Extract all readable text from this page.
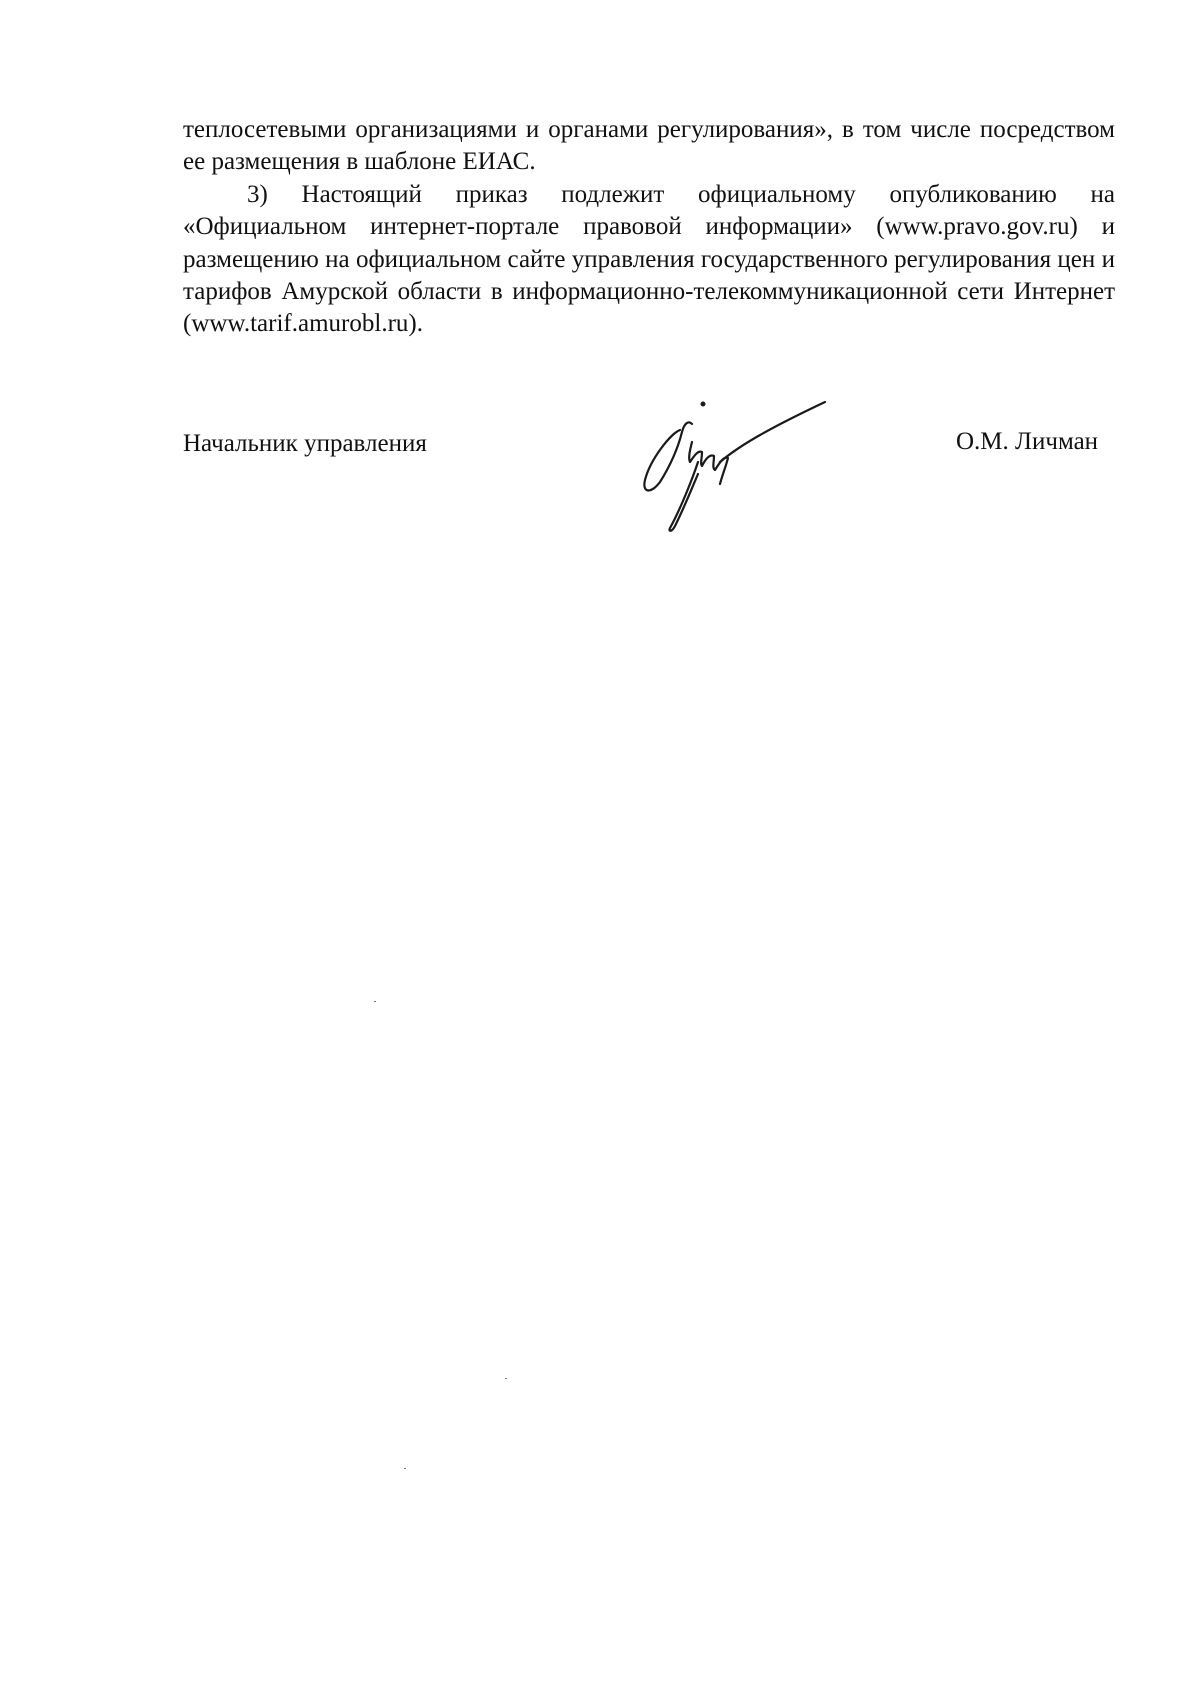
теплосетевыми организациями и органами регулирования», в том числе посредством ее размещения в шаблоне ЕИАС.

3) Настоящий приказ подлежит официальному опубликованию на «Официальном интернет-портале правовой информации» (www.pravo.gov.ru) и размещению на официальном сайте управления государственного регулирования цен и тарифов Амурской области в информационно-телекоммуникационной сети Интернет (www.tarif.amurobl.ru).

Начальник управления	О.М. Личман
